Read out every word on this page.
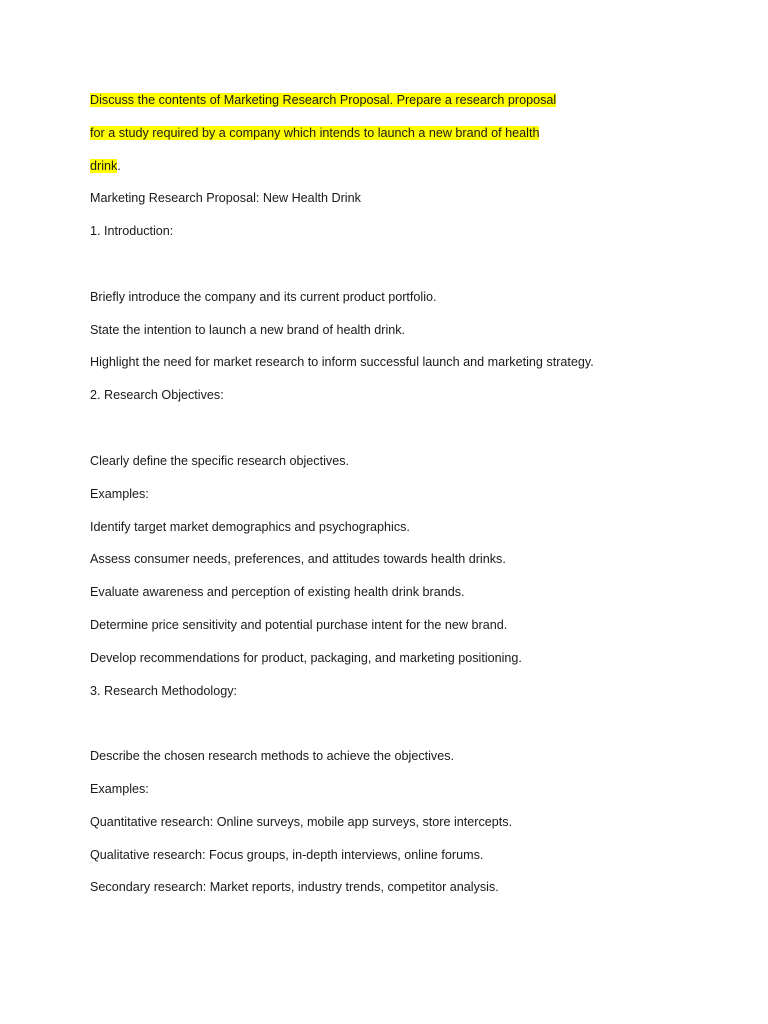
Discuss the contents of Marketing Research Proposal. Prepare a research proposal
for a study required by a company which intends to launch a new brand of health
drink.
Marketing Research Proposal: New Health Drink
1. Introduction:
Briefly introduce the company and its current product portfolio.
State the intention to launch a new brand of health drink.
Highlight the need for market research to inform successful launch and marketing strategy.
2. Research Objectives:
Clearly define the specific research objectives.
Examples:
Identify target market demographics and psychographics.
Assess consumer needs, preferences, and attitudes towards health drinks.
Evaluate awareness and perception of existing health drink brands.
Determine price sensitivity and potential purchase intent for the new brand.
Develop recommendations for product, packaging, and marketing positioning.
3. Research Methodology:
Describe the chosen research methods to achieve the objectives.
Examples:
Quantitative research: Online surveys, mobile app surveys, store intercepts.
Qualitative research: Focus groups, in-depth interviews, online forums.
Secondary research: Market reports, industry trends, competitor analysis.
